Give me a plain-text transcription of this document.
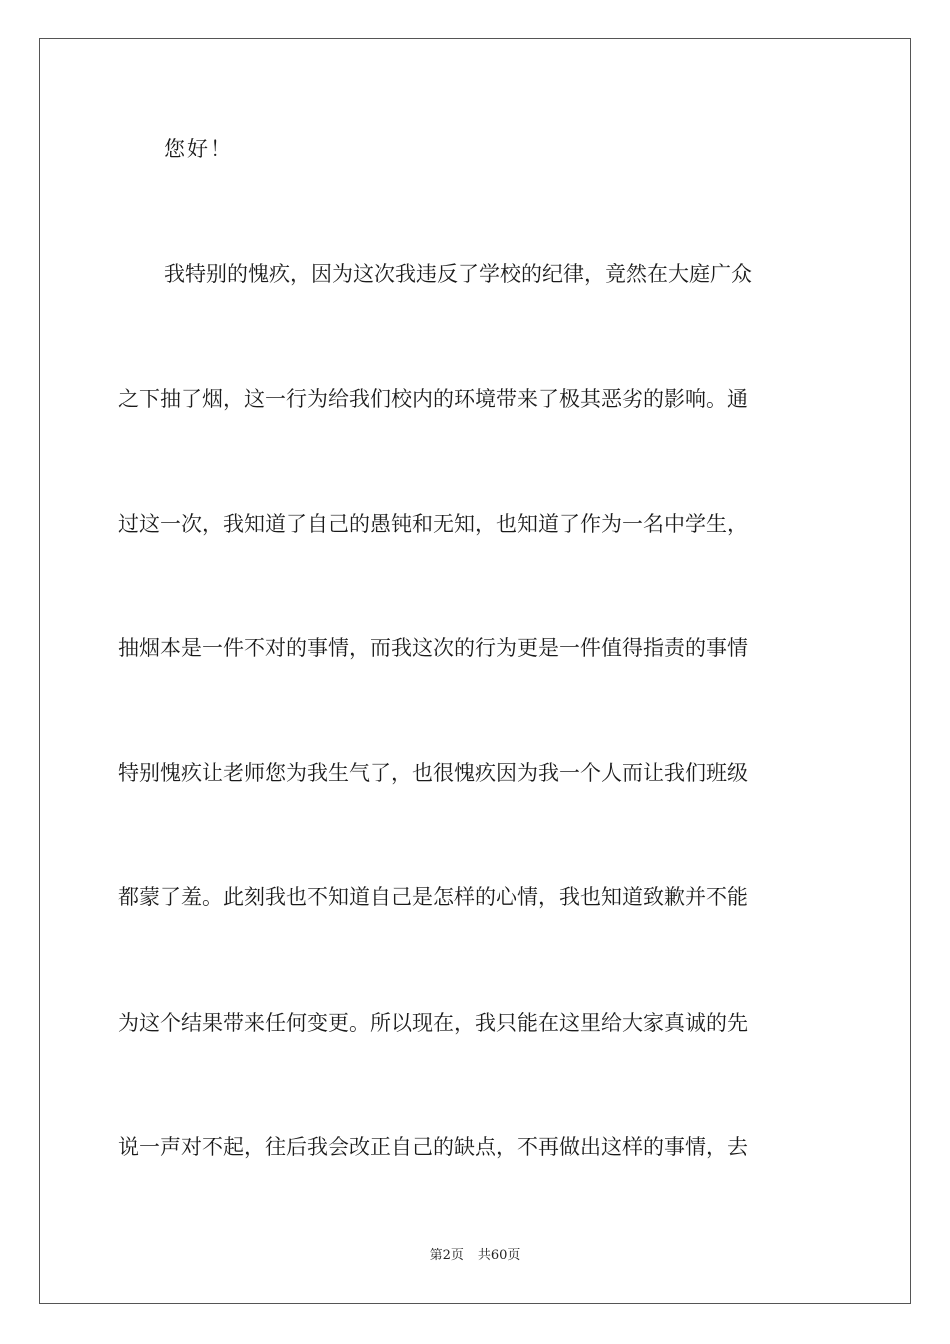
您好！
我特别的愧疚，因为这次我违反了学校的纪律，竟然在大庭广众
之下抽了烟，这一行为给我们校内的环境带来了极其恶劣的影响。通
过这一次，我知道了自己的愚钝和无知，也知道了作为一名中学生，
抽烟本是一件不对的事情，而我这次的行为更是一件值得指责的事情
特别愧疚让老师您为我生气了，也很愧疚因为我一个人而让我们班级
都蒙了羞。此刻我也不知道自己是怎样的心情，我也知道致歉并不能
为这个结果带来任何变更。所以现在，我只能在这里给大家真诚的先
说一声对不起，往后我会改正自己的缺点，不再做出这样的事情，去
第2页 共60页
